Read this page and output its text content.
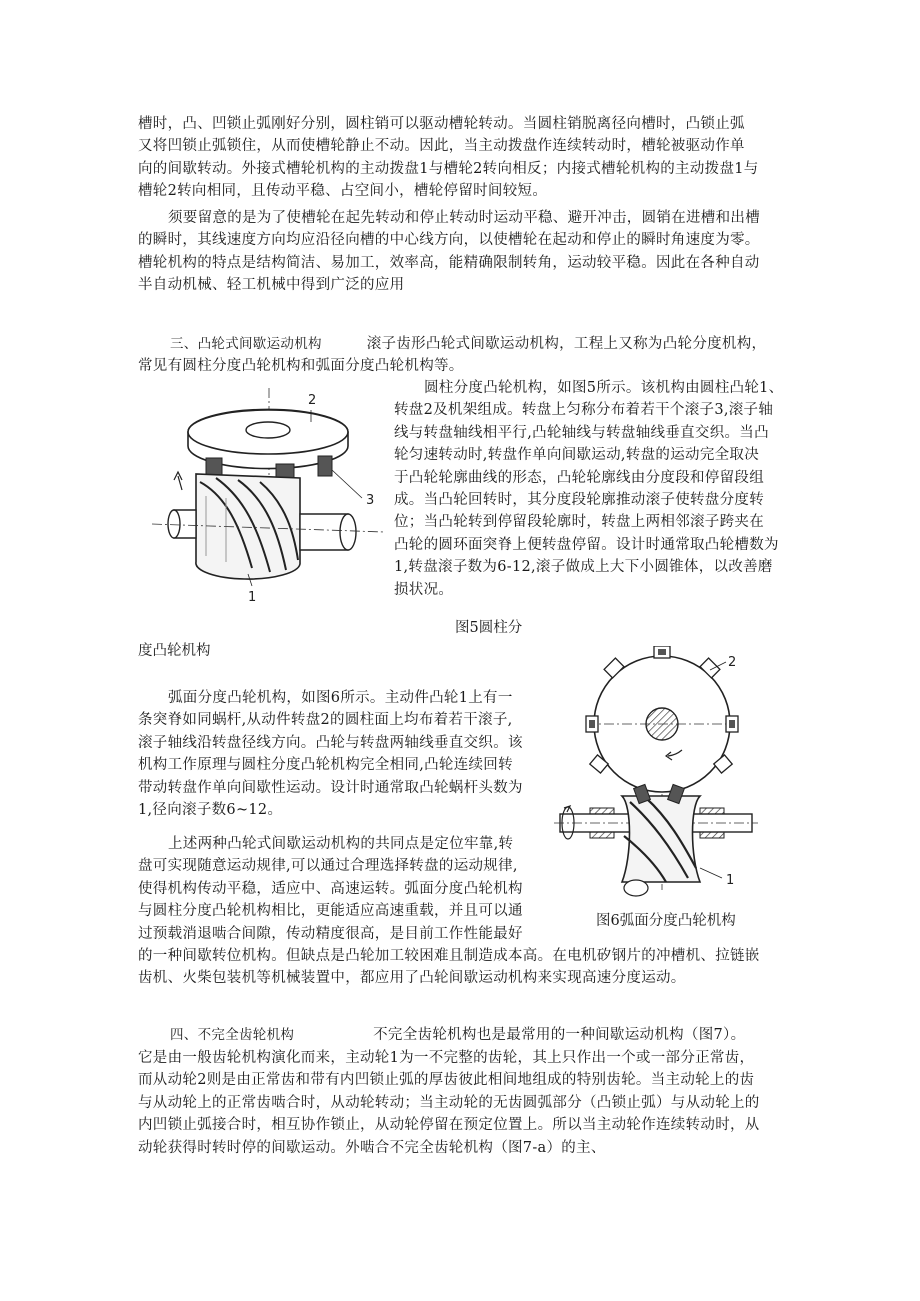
槽时，凸、凹锁止弧刚好分别，圆柱销可以驱动槽轮转动。当圆柱销脱离径向槽时，凸锁止弧
又将凹锁止弧锁住，从而使槽轮静止不动。因此，当主动拨盘作连续转动时，槽轮被驱动作单
向的间歇转动。外接式槽轮机构的主动拨盘1与槽轮2转向相反；内接式槽轮机构的主动拨盘1与
槽轮2转向相同，且传动平稳、占空间小，槽轮停留时间较短。
须要留意的是为了使槽轮在起先转动和停止转动时运动平稳、避开冲击，圆销在进槽和出槽
的瞬时，其线速度方向均应沿径向槽的中心线方向，以使槽轮在起动和停止的瞬时角速度为零。
槽轮机构的特点是结构简洁、易加工，效率高，能精确限制转角，运动较平稳。因此在各种自动
半自动机械、轻工机械中得到广泛的应用
三、凸轮式间歇运动机构	滚子齿形凸轮式间歇运动机构，工程上又称为凸轮分度机构，
常见有圆柱分度凸轮机构和弧面分度凸轮机构等。
2
3
1
圆柱分度凸轮机构，如图5所示。该机构由圆柱凸轮1、
转盘2及机架组成。转盘上匀称分布着若干个滚子3,滚子轴
线与转盘轴线相平行,凸轮轴线与转盘轴线垂直交织。当凸
轮匀速转动时,转盘作单向间歇运动,转盘的运动完全取决
于凸轮轮廓曲线的形态，凸轮轮廓线由分度段和停留段组
成。当凸轮回转时，其分度段轮廓推动滚子使转盘分度转
位；当凸轮转到停留段轮廓时，转盘上两相邻滚子跨夹在
凸轮的圆环面突脊上便转盘停留。设计时通常取凸轮槽数为
1,转盘滚子数为6-12,滚子做成上大下小圆锥体，以改善磨
损状况。
图5圆柱分
度凸轮机构
2
1
弧面分度凸轮机构，如图6所示。主动件凸轮1上有一
条突脊如同蜗杆,从动件转盘2的圆柱面上均布着若干滚子,
滚子轴线沿转盘径线方向。凸轮与转盘两轴线垂直交织。该
机构工作原理与圆柱分度凸轮机构完全相同,凸轮连续回转
带动转盘作单向间歇性运动。设计时通常取凸轮蜗杆头数为
1,径向滚子数6~12。
上述两种凸轮式间歇运动机构的共同点是定位牢靠,转
盘可实现随意运动规律,可以通过合理选择转盘的运动规律,
使得机构传动平稳，适应中、高速运转。弧面分度凸轮机构
与圆柱分度凸轮机构相比，更能适应高速重载，并且可以通
过预载消退啮合间隙，传动精度很高，是目前工作性能最好
图6弧面分度凸轮机构
的一种间歇转位机构。但缺点是凸轮加工较困难且制造成本高。在电机矽钢片的冲槽机、拉链嵌
齿机、火柴包装机等机械装置中，都应用了凸轮间歇运动机构来实现高速分度运动。
四、不完全齿轮机构	不完全齿轮机构也是最常用的一种间歇运动机构（图7）。
它是由一般齿轮机构演化而来，主动轮1为一不完整的齿轮，其上只作出一个或一部分正常齿，
而从动轮2则是由正常齿和带有内凹锁止弧的厚齿彼此相间地组成的特别齿轮。当主动轮上的齿
与从动轮上的正常齿啮合时，从动轮转动；当主动轮的无齿圆弧部分（凸锁止弧）与从动轮上的
内凹锁止弧接合时，相互协作锁止，从动轮停留在预定位置上。所以当主动轮作连续转动时，从
动轮获得时转时停的间歇运动。外啮合不完全齿轮机构（图7-a）的主、
